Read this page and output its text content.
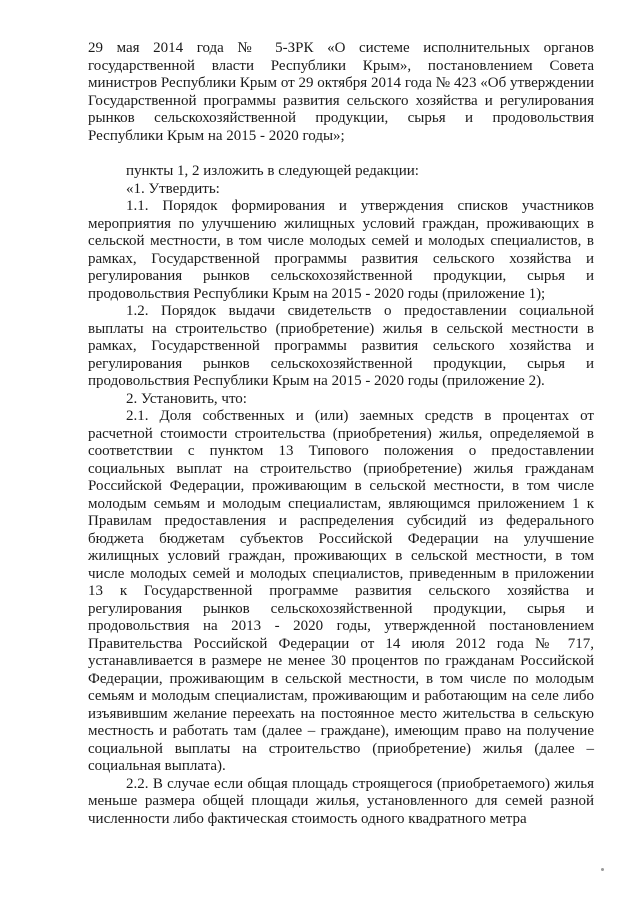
29 мая 2014 года № 5-ЗРК «О системе исполнительных органов государственной власти Республики Крым», постановлением Совета министров Республики Крым от 29 октября 2014 года № 423 «Об утверждении Государственной программы развития сельского хозяйства и регулирования рынков сельскохозяйственной продукции, сырья и продовольствия Республики Крым на 2015 - 2020 годы»;

пункты 1, 2 изложить в следующей редакции:

«1. Утвердить:

1.1. Порядок формирования и утверждения списков участников мероприятия по улучшению жилищных условий граждан, проживающих в сельской местности, в том числе молодых семей и молодых специалистов, в рамках, Государственной программы развития сельского хозяйства и регулирования рынков сельскохозяйственной продукции, сырья и продовольствия Республики Крым на 2015 - 2020 годы (приложение 1);

1.2. Порядок выдачи свидетельств о предоставлении социальной выплаты на строительство (приобретение) жилья в сельской местности в рамках, Государственной программы развития сельского хозяйства и регулирования рынков сельскохозяйственной продукции, сырья и продовольствия Республики Крым на 2015 - 2020 годы (приложение 2).

2. Установить, что:

2.1. Доля собственных и (или) заемных средств в процентах от расчетной стоимости строительства (приобретения) жилья, определяемой в соответствии с пунктом 13 Типового положения о предоставлении социальных выплат на строительство (приобретение) жилья гражданам Российской Федерации, проживающим в сельской местности, в том числе молодым семьям и молодым специалистам, являющимся приложением 1 к Правилам предоставления и распределения субсидий из федерального бюджета бюджетам субъектов Российской Федерации на улучшение жилищных условий граждан, проживающих в сельской местности, в том числе молодых семей и молодых специалистов, приведенным в приложении 13 к Государственной программе развития сельского хозяйства и регулирования рынков сельскохозяйственной продукции, сырья и продовольствия на 2013 - 2020 годы, утвержденной постановлением Правительства Российской Федерации от 14 июля 2012 года № 717, устанавливается в размере не менее 30 процентов по гражданам Российской Федерации, проживающим в сельской местности, в том числе по молодым семьям и молодым специалистам, проживающим и работающим на селе либо изъявившим желание переехать на постоянное место жительства в сельскую местность и работать там (далее – граждане), имеющим право на получение социальной выплаты на строительство (приобретение) жилья (далее – социальная выплата).

2.2. В случае если общая площадь строящегося (приобретаемого) жилья меньше размера общей площади жилья, установленного для семей разной численности либо фактическая стоимость одного квадратного метра
